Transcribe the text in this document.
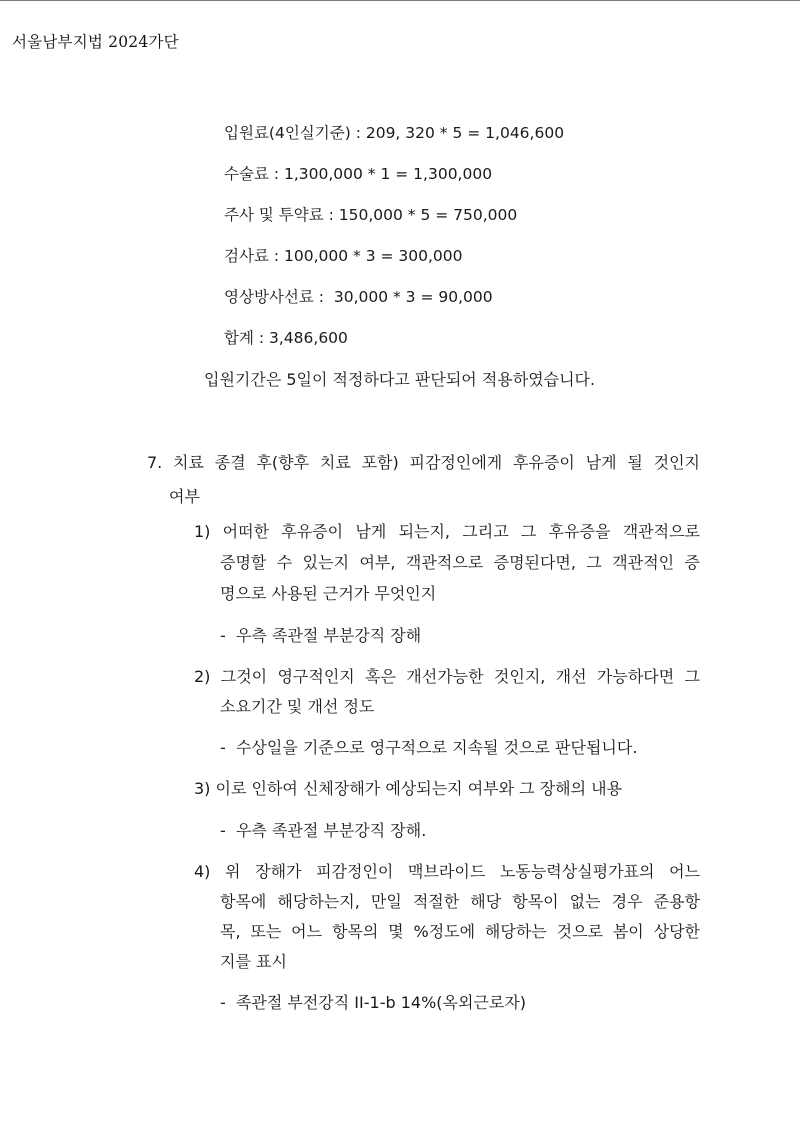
서울남부지법 2024가단
입원료(4인실기준) : 209, 320 * 5 = 1,046,600
수술료 : 1,300,000 * 1 = 1,300,000
주사 및 투약료 : 150,000 * 5 = 750,000
검사료 : 100,000 * 3 = 300,000
영상방사선료 :  30,000 * 3 = 90,000
합계 : 3,486,600
입원기간은 5일이 적정하다고 판단되어 적용하였습니다.
7. 치료 종결 후(향후 치료 포함) 피감정인에게 후유증이 남게 될 것인지
여부
1) 어떠한 후유증이 남게 되는지, 그리고 그 후유증을 객관적으로
증명할 수 있는지 여부, 객관적으로 증명된다면, 그 객관적인 증
명으로 사용된 근거가 무엇인지
-  우측 족관절 부분강직 장해
2) 그것이 영구적인지 혹은 개선가능한 것인지, 개선 가능하다면 그
소요기간 및 개선 정도
-  수상일을 기준으로 영구적으로 지속될 것으로 판단됩니다.
3) 이로 인하여 신체장해가 예상되는지 여부와 그 장해의 내용
-  우측 족관절 부분강직 장해.
4) 위 장해가 피감정인이 맥브라이드 노동능력상실평가표의 어느
항목에 해당하는지, 만일 적절한 해당 항목이 없는 경우 준용항
목, 또는 어느 항목의 몇 %정도에 해당하는 것으로 봄이 상당한
지를 표시
-  족관절 부전강직 II-1-b 14%(옥외근로자)
